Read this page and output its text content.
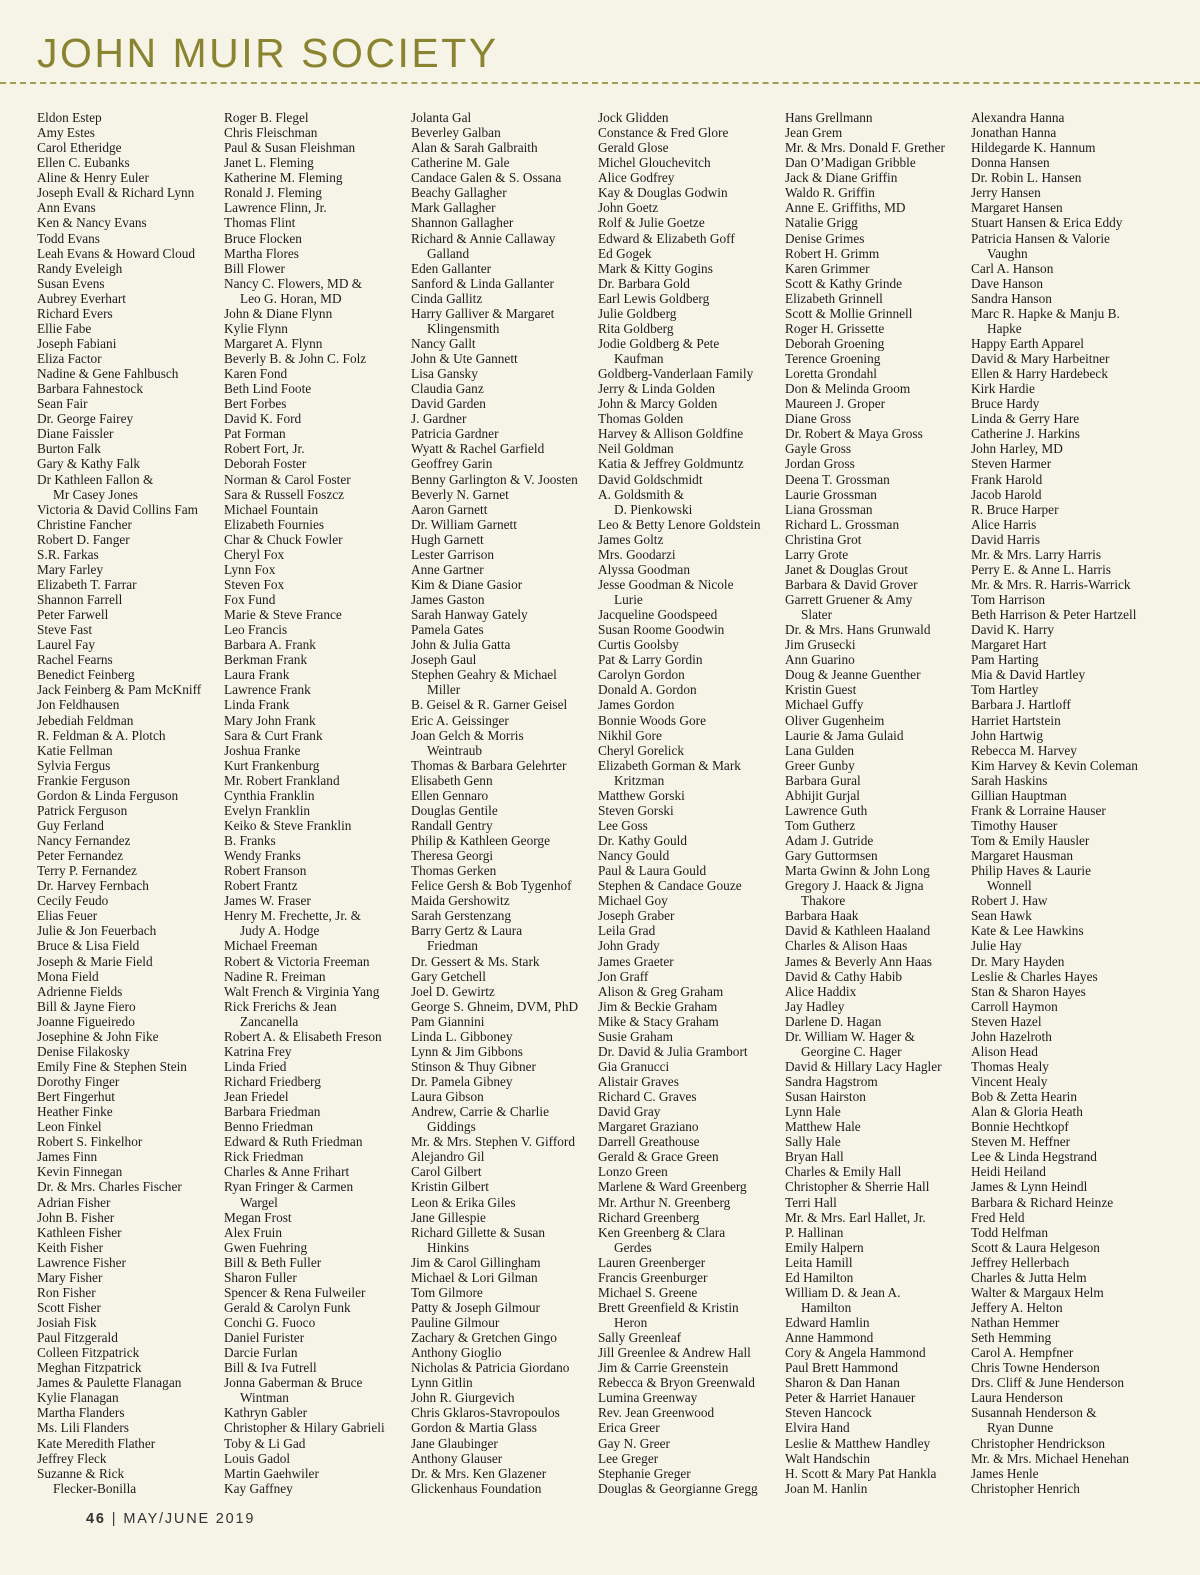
JOHN MUIR SOCIETY
Eldon Estep
Amy Estes
Carol Etheridge
Ellen C. Eubanks
Aline & Henry Euler
Joseph Evall & Richard Lynn
Ann Evans
Ken & Nancy Evans
Todd Evans
Leah Evans & Howard Cloud
Randy Eveleigh
Susan Evens
Aubrey Everhart
Richard Evers
Ellie Fabe
Joseph Fabiani
Eliza Factor
Nadine & Gene Fahlbusch
Barbara Fahnestock
Sean Fair
Dr. George Fairey
Diane Faissler
Burton Falk
Gary & Kathy Falk
Dr Kathleen Fallon &
Mr Casey Jones
Victoria & David Collins Fam
Christine Fancher
Robert D. Fanger
S.R. Farkas
Mary Farley
Elizabeth T. Farrar
Shannon Farrell
Peter Farwell
Steve Fast
Laurel Fay
Rachel Fearns
Benedict Feinberg
Jack Feinberg & Pam McKniff
Jon Feldhausen
Jebediah Feldman
R. Feldman & A. Plotch
Katie Fellman
Sylvia Fergus
Frankie Ferguson
Gordon & Linda Ferguson
Patrick Ferguson
Guy Ferland
Nancy Fernandez
Peter Fernandez
Terry P. Fernandez
Dr. Harvey Fernbach
Cecily Feudo
Elias Feuer
Julie & Jon Feuerbach
Bruce & Lisa Field
Joseph & Marie Field
Mona Field
Adrienne Fields
Bill & Jayne Fiero
Joanne Figueiredo
Josephine & John Fike
Denise Filakosky
Emily Fine & Stephen Stein
Dorothy Finger
Bert Fingerhut
Heather Finke
Leon Finkel
Robert S. Finkelhor
James Finn
Kevin Finnegan
Dr. & Mrs. Charles Fischer
Adrian Fisher
John B. Fisher
Kathleen Fisher
Keith Fisher
Lawrence Fisher
Mary Fisher
Ron Fisher
Scott Fisher
Josiah Fisk
Paul Fitzgerald
Colleen Fitzpatrick
Meghan Fitzpatrick
James & Paulette Flanagan
Kylie Flanagan
Martha Flanders
Ms. Lili Flanders
Kate Meredith Flather
Jeffrey Fleck
Suzanne & Rick
Flecker-Bonilla
Roger B. Flegel
Chris Fleischman
Paul & Susan Fleishman
Janet L. Fleming
Katherine M. Fleming
Ronald J. Fleming
Lawrence Flinn, Jr.
Thomas Flint
Bruce Flocken
Martha Flores
Bill Flower
Nancy C. Flowers, MD &
Leo G. Horan, MD
John & Diane Flynn
Kylie Flynn
Margaret A. Flynn
Beverly B. & John C. Folz
Karen Fond
Beth Lind Foote
Bert Forbes
David K. Ford
Pat Forman
Robert Fort, Jr.
Deborah Foster
Norman & Carol Foster
Sara & Russell Foszcz
Michael Fountain
Elizabeth Fournies
Char & Chuck Fowler
Cheryl Fox
Lynn Fox
Steven Fox
Fox Fund
Marie & Steve France
Leo Francis
Barbara A. Frank
Berkman Frank
Laura Frank
Lawrence Frank
Linda Frank
Mary John Frank
Sara & Curt Frank
Joshua Franke
Kurt Frankenburg
Mr. Robert Frankland
Cynthia Franklin
Evelyn Franklin
Keiko & Steve Franklin
B. Franks
Wendy Franks
Robert Franson
Robert Frantz
James W. Fraser
Henry M. Frechette, Jr. &
Judy A. Hodge
Michael Freeman
Robert & Victoria Freeman
Nadine R. Freiman
Walt French & Virginia Yang
Rick Frerichs & Jean
Zancanella
Robert A. & Elisabeth Freson
Katrina Frey
Linda Fried
Richard Friedberg
Jean Friedel
Barbara Friedman
Benno Friedman
Edward & Ruth Friedman
Rick Friedman
Charles & Anne Frihart
Ryan Fringer & Carmen
Wargel
Megan Frost
Alex Fruin
Gwen Fuehring
Bill & Beth Fuller
Sharon Fuller
Spencer & Rena Fulweiler
Gerald & Carolyn Funk
Conchi G. Fuoco
Daniel Furister
Darcie Furlan
Bill & Iva Futrell
Jonna Gaberman & Bruce
Wintman
Kathryn Gabler
Christopher & Hilary Gabrieli
Toby & Li Gad
Louis Gadol
Martin Gaehwiler
Kay Gaffney
Jolanta Gal
Beverley Galban
Alan & Sarah Galbraith
Catherine M. Gale
Candace Galen & S. Ossana
Beachy Gallagher
Mark Gallagher
Shannon Gallagher
Richard & Annie Callaway
Galland
Eden Gallanter
Sanford & Linda Gallanter
Cinda Gallitz
Harry Galliver & Margaret
Klingensmith
Nancy Gallt
John & Ute Gannett
Lisa Gansky
Claudia Ganz
David Garden
J. Gardner
Patricia Gardner
Wyatt & Rachel Garfield
Geoffrey Garin
Benny Garlington & V. Joosten
Beverly N. Garnet
Aaron Garnett
Dr. William Garnett
Hugh Garnett
Lester Garrison
Anne Gartner
Kim & Diane Gasior
James Gaston
Sarah Hanway Gately
Pamela Gates
John & Julia Gatta
Joseph Gaul
Stephen Geahry & Michael
Miller
B. Geisel & R. Garner Geisel
Eric A. Geissinger
Joan Gelch & Morris
Weintraub
Thomas & Barbara Gelehrter
Elisabeth Genn
Ellen Gennaro
Douglas Gentile
Randall Gentry
Philip & Kathleen George
Theresa Georgi
Thomas Gerken
Felice Gersh & Bob Tygenhof
Maida Gershowitz
Sarah Gerstenzang
Barry Gertz & Laura
Friedman
Dr. Gessert & Ms. Stark
Gary Getchell
Joel D. Gewirtz
George S. Ghneim, DVM, PhD
Pam Giannini
Linda L. Gibboney
Lynn & Jim Gibbons
Stinson & Thuy Gibner
Dr. Pamela Gibney
Laura Gibson
Andrew, Carrie & Charlie
Giddings
Mr. & Mrs. Stephen V. Gifford
Alejandro Gil
Carol Gilbert
Kristin Gilbert
Leon & Erika Giles
Jane Gillespie
Richard Gillette & Susan
Hinkins
Jim & Carol Gillingham
Michael & Lori Gilman
Tom Gilmore
Patty & Joseph Gilmour
Pauline Gilmour
Zachary & Gretchen Gingo
Anthony Gioglio
Nicholas & Patricia Giordano
Lynn Gitlin
John R. Giurgevich
Chris Gklaros-Stavropoulos
Gordon & Martia Glass
Jane Glaubinger
Anthony Glauser
Dr. & Mrs. Ken Glazener
Glickenhaus Foundation
Jock Glidden
Constance & Fred Glore
Gerald Glose
Michel Glouchevitch
Alice Godfrey
Kay & Douglas Godwin
John Goetz
Rolf & Julie Goetze
Edward & Elizabeth Goff
Ed Gogek
Mark & Kitty Gogins
Dr. Barbara Gold
Earl Lewis Goldberg
Julie Goldberg
Rita Goldberg
Jodie Goldberg & Pete
Kaufman
Goldberg-Vanderlaan Family
Jerry & Linda Golden
John & Marcy Golden
Thomas Golden
Harvey & Allison Goldfine
Neil Goldman
Katia & Jeffrey Goldmuntz
David Goldschmidt
A. Goldsmith &
D. Pienkowski
Leo & Betty Lenore Goldstein
James Goltz
Mrs. Goodarzi
Alyssa Goodman
Jesse Goodman & Nicole
Lurie
Jacqueline Goodspeed
Susan Roome Goodwin
Curtis Goolsby
Pat & Larry Gordin
Carolyn Gordon
Donald A. Gordon
James Gordon
Bonnie Woods Gore
Nikhil Gore
Cheryl Gorelick
Elizabeth Gorman & Mark
Kritzman
Matthew Gorski
Steven Gorski
Lee Goss
Dr. Kathy Gould
Nancy Gould
Paul & Laura Gould
Stephen & Candace Gouze
Michael Goy
Joseph Graber
Leila Grad
John Grady
James Graeter
Jon Graff
Alison & Greg Graham
Jim & Beckie Graham
Mike & Stacy Graham
Susie Graham
Dr. David & Julia Grambort
Gia Granucci
Alistair Graves
Richard C. Graves
David Gray
Margaret Graziano
Darrell Greathouse
Gerald & Grace Green
Lonzo Green
Marlene & Ward Greenberg
Mr. Arthur N. Greenberg
Richard Greenberg
Ken Greenberg & Clara
Gerdes
Lauren Greenberger
Francis Greenburger
Michael S. Greene
Brett Greenfield & Kristin
Heron
Sally Greenleaf
Jill Greenlee & Andrew Hall
Jim & Carrie Greenstein
Rebecca & Bryon Greenwald
Lumina Greenway
Rev. Jean Greenwood
Erica Greer
Gay N. Greer
Lee Greger
Stephanie Greger
Douglas & Georgianne Gregg
Hans Grellmann
Jean Grem
Mr. & Mrs. Donald F. Grether
Dan O’Madigan Gribble
Jack & Diane Griffin
Waldo R. Griffin
Anne E. Griffiths, MD
Natalie Grigg
Denise Grimes
Robert H. Grimm
Karen Grimmer
Scott & Kathy Grinde
Elizabeth Grinnell
Scott & Mollie Grinnell
Roger H. Grissette
Deborah Groening
Terence Groening
Loretta Grondahl
Don & Melinda Groom
Maureen J. Groper
Diane Gross
Dr. Robert & Maya Gross
Gayle Gross
Jordan Gross
Deena T. Grossman
Laurie Grossman
Liana Grossman
Richard L. Grossman
Christina Grot
Larry Grote
Janet & Douglas Grout
Barbara & David Grover
Garrett Gruener & Amy
Slater
Dr. & Mrs. Hans Grunwald
Jim Grusecki
Ann Guarino
Doug & Jeanne Guenther
Kristin Guest
Michael Guffy
Oliver Gugenheim
Laurie & Jama Gulaid
Lana Gulden
Greer Gunby
Barbara Gural
Abhijit Gurjal
Lawrence Guth
Tom Gutherz
Adam J. Gutride
Gary Guttormsen
Marta Gwinn & John Long
Gregory J. Haack & Jigna
Thakore
Barbara Haak
David & Kathleen Haaland
Charles & Alison Haas
James & Beverly Ann Haas
David & Cathy Habib
Alice Haddix
Jay Hadley
Darlene D. Hagan
Dr. William W. Hager &
Georgine C. Hager
David & Hillary Lacy Hagler
Sandra Hagstrom
Susan Hairston
Lynn Hale
Matthew Hale
Sally Hale
Bryan Hall
Charles & Emily Hall
Christopher & Sherrie Hall
Terri Hall
Mr. & Mrs. Earl Hallet, Jr.
P. Hallinan
Emily Halpern
Leita Hamill
Ed Hamilton
William D. & Jean A.
Hamilton
Edward Hamlin
Anne Hammond
Cory & Angela Hammond
Paul Brett Hammond
Sharon & Dan Hanan
Peter & Harriet Hanauer
Steven Hancock
Elvira Hand
Leslie & Matthew Handley
Walt Handschin
H. Scott & Mary Pat Hankla
Joan M. Hanlin
Alexandra Hanna
Jonathan Hanna
Hildegarde K. Hannum
Donna Hansen
Dr. Robin L. Hansen
Jerry Hansen
Margaret Hansen
Stuart Hansen & Erica Eddy
Patricia Hansen & Valorie
Vaughn
Carl A. Hanson
Dave Hanson
Sandra Hanson
Marc R. Hapke & Manju B.
Hapke
Happy Earth Apparel
David & Mary Harbeitner
Ellen & Harry Hardebeck
Kirk Hardie
Bruce Hardy
Linda & Gerry Hare
Catherine J. Harkins
John Harley, MD
Steven Harmer
Frank Harold
Jacob Harold
R. Bruce Harper
Alice Harris
David Harris
Mr. & Mrs. Larry Harris
Perry E. & Anne L. Harris
Mr. & Mrs. R. Harris-Warrick
Tom Harrison
Beth Harrison & Peter Hartzell
David K. Harry
Margaret Hart
Pam Harting
Mia & David Hartley
Tom Hartley
Barbara J. Hartloff
Harriet Hartstein
John Hartwig
Rebecca M. Harvey
Kim Harvey & Kevin Coleman
Sarah Haskins
Gillian Hauptman
Frank & Lorraine Hauser
Timothy Hauser
Tom & Emily Hausler
Margaret Hausman
Philip Haves & Laurie
Wonnell
Robert J. Haw
Sean Hawk
Kate & Lee Hawkins
Julie Hay
Dr. Mary Hayden
Leslie & Charles Hayes
Stan & Sharon Hayes
Carroll Haymon
Steven Hazel
John Hazelroth
Alison Head
Thomas Healy
Vincent Healy
Bob & Zetta Hearin
Alan & Gloria Heath
Bonnie Hechtkopf
Steven M. Heffner
Lee & Linda Hegstrand
Heidi Heiland
James & Lynn Heindl
Barbara & Richard Heinze
Fred Held
Todd Helfman
Scott & Laura Helgeson
Jeffrey Hellerbach
Charles & Jutta Helm
Walter & Margaux Helm
Jeffery A. Helton
Nathan Hemmer
Seth Hemming
Carol A. Hempfner
Chris Towne Henderson
Drs. Cliff & June Henderson
Laura Henderson
Susannah Henderson &
Ryan Dunne
Christopher Hendrickson
Mr. & Mrs. Michael Henehan
James Henle
Christopher Henrich
46 | MAY/JUNE 2019
